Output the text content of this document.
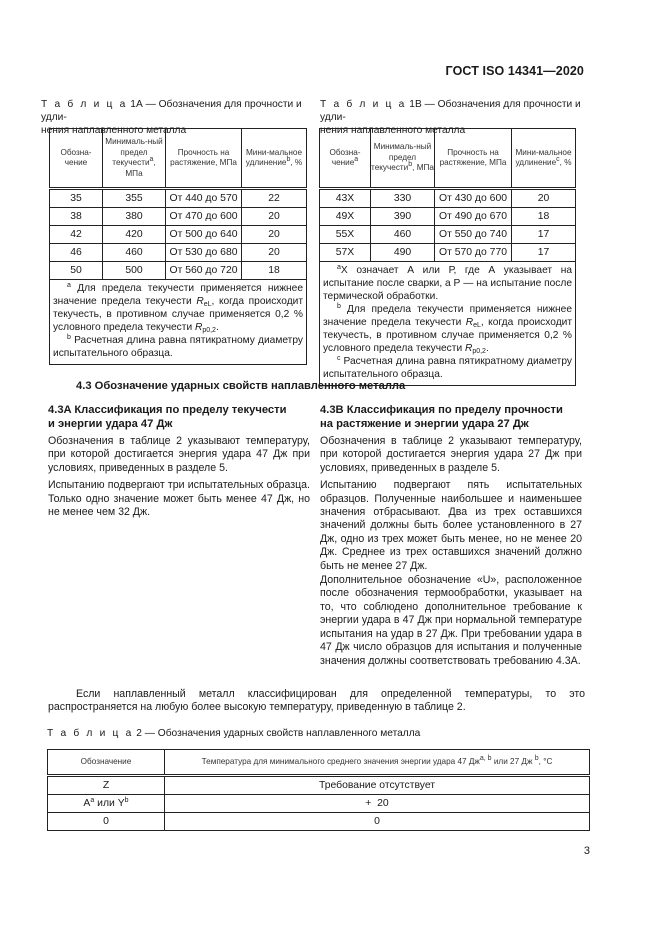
ГОСТ ISO 14341—2020
Т а б л и ц а 1А — Обозначения для прочности и удли-
нения наплавленного металла
Обозна- чение	Минималь-ный предел текучести$^a$, МПа	Прочность на растяжение, МПа	Мини-мальное удлинение$^b$, %
35	355	От 440 до 570	22
38	380	От 470 до 600	20
42	420	От 500 до 640	20
46	460	От 530 до 680	20
50	500	От 560 до 720	18

$^a$ Для предела текучести применяется нижнее значение предела текучести $R_{eL}$, когда происходит текучесть, в противном случае применяется 0,2 % условного предела текучести $R_{p0,2}$.
$^b$ Расчетная длина равна пятикратному диаметру испытательного образца.			
Т а б л и ц а 1В — Обозначения для прочности и удли-
нения наплавленного металла
Обозна-чение$^a$	Минималь-ный предел текучести$^b$, МПа	Прочность на растяжение, МПа	Мини-мальное удлинение$^c$, %
43X	330	От 430 до 600	20
49X	390	От 490 до 670	18
55X	460	От 550 до 740	17
57X	490	От 570 до 770	17

$^a$X означает А или Р, где А указывает на испытание после сварки, а Р — на испытание после термической обработки.
$^b$ Для предела текучести применяется нижнее значение предела текучести $R_{eL}$, когда происходит текучесть, в противном случае применяется 0,2 % условного предела текучести $R_{p0,2}$.
$^c$ Расчетная длина равна пятикратному диаметру испытательного образца.			
4.3 Обозначение ударных свойств наплавленного металла
4.3A Классификация по пределу текучести
и энергии удара 47 Дж
Обозначения в таблице 2 указывают температуру, при которой достигается энергия удара 47 Дж при условиях, приведенных в разделе 5.
Испытанию подвергают три испытательных образца. Только одно значение может быть менее 47 Дж, но не менее чем 32 Дж.
4.3B Классификация по пределу прочности
на растяжение и энергии удара 27 Дж
Обозначения в таблице 2 указывают температуру, при которой достигается энергия удара 27 Дж при условиях, приведенных в разделе 5.
Испытанию подвергают пять испытательных образцов. Полученные наибольшее и наименьшее значения отбрасывают. Два из трех оставшихся значений должны быть более установленного в 27 Дж, одно из трех может быть менее, но не менее 20 Дж. Среднее из трех оставшихся значений должно быть не менее 27 Дж.
Дополнительное обозначение «U», расположенное после обозначения термообработки, указывает на то, что соблюдено дополнительное требование к энергии удара в 47 Дж при нормальной температуре испытания на удар в 27 Дж. При требовании удара в 47 Дж число образцов для испытания и полученные значения должны соответствовать требованию 4.3A.
Если наплавленный металл классифицирован для определенной температуры, то это распространяется на любую более высокую температуру, приведенную в таблице 2.
Т а б л и ц а 2 — Обозначения ударных свойств наплавленного металла
Обозначение	Температура для минимального среднего значения энергии удара 47 Дж$^{a, b}$ или 27 Дж $^b$, °C
Z	Требование отсутствует
$A^a$ или $Y^b$	+  20
0	0
3
